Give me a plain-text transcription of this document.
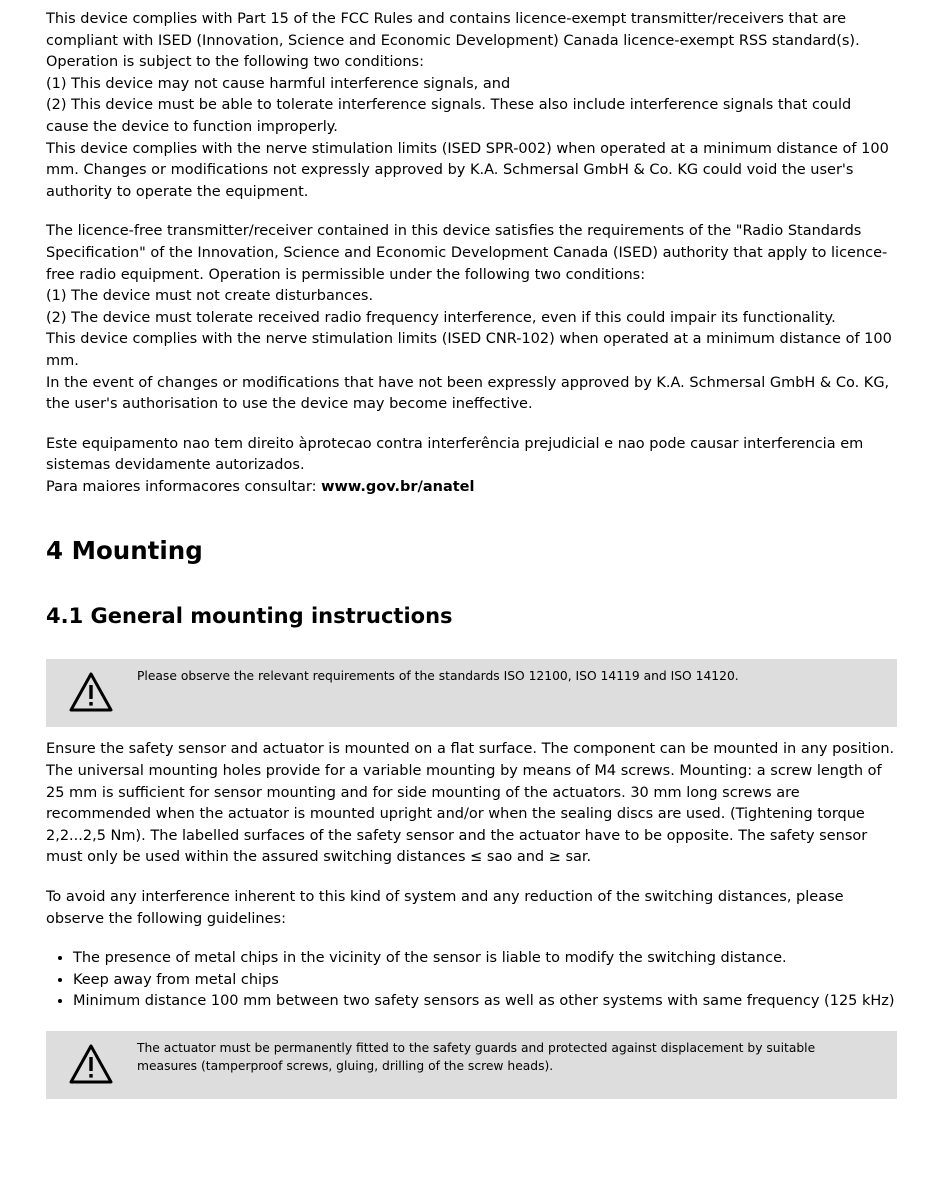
This device complies with Part 15 of the FCC Rules and contains licence-exempt transmitter/receivers that are compliant with ISED (Innovation, Science and Economic Development) Canada licence-exempt RSS standard(s).

Operation is subject to the following two conditions:

(1) This device may not cause harmful interference signals, and

(2) This device must be able to tolerate interference signals. These also include interference signals that could cause the device to function improperly.

This device complies with the nerve stimulation limits (ISED SPR-002) when operated at a minimum distance of 100 mm. Changes or modifications not expressly approved by K.A. Schmersal GmbH & Co. KG could void the user's authority to operate the equipment.

The licence-free transmitter/receiver contained in this device satisfies the requirements of the "Radio Standards Specification" of the Innovation, Science and Economic Development Canada (ISED) authority that apply to licence-free radio equipment. Operation is permissible under the following two conditions:

(1) The device must not create disturbances.

(2) The device must tolerate received radio frequency interference, even if this could impair its functionality.

This device complies with the nerve stimulation limits (ISED CNR-102) when operated at a minimum distance of 100 mm.

In the event of changes or modifications that have not been expressly approved by K.A. Schmersal GmbH & Co. KG, the user's authorisation to use the device may become ineffective.

Este equipamento nao tem direito àprotecao contra interferência prejudicial e nao pode causar interferencia em sistemas devidamente autorizados.

Para maiores informacores consultar: www.gov.br/anatel

4 Mounting
4.1 General mounting instructions
Please observe the relevant requirements of the standards ISO 12100, ISO 14119 and ISO 14120.

Ensure the safety sensor and actuator is mounted on a flat surface. The component can be mounted in any position. The universal mounting holes provide for a variable mounting by means of M4 screws. Mounting: a screw length of 25 mm is sufficient for sensor mounting and for side mounting of the actuators. 30 mm long screws are recommended when the actuator is mounted upright and/or when the sealing discs are used. (Tightening torque 2,2...2,5 Nm). The labelled surfaces of the safety sensor and the actuator have to be opposite. The safety sensor must only be used within the assured switching distances ≤ sao and ≥ sar.

To avoid any interference inherent to this kind of system and any reduction of the switching distances, please observe the following guidelines:

• The presence of metal chips in the vicinity of the sensor is liable to modify the switching distance.
• Keep away from metal chips
• Minimum distance 100 mm between two safety sensors as well as other systems with same frequency (125 kHz)
The actuator must be permanently fitted to the safety guards and protected against displacement by suitable measures (tamperproof screws, gluing, drilling of the screw heads).
